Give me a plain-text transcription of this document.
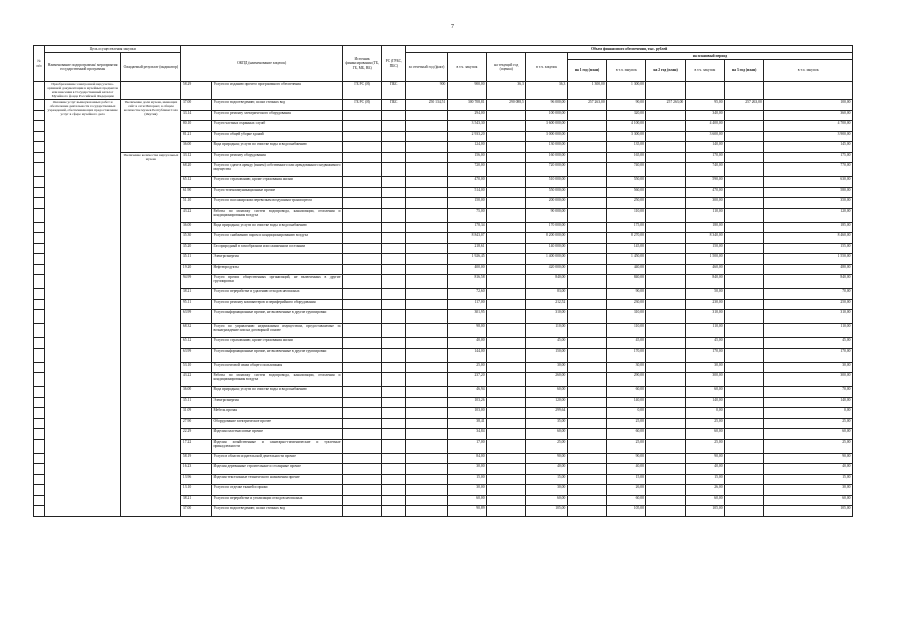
7
№ п/п	Цель осуществления закупки		ОКПД (наименование закупок)		Источник финансирования (ГБ, ГБ, МБ, ВБ)	РС (ГРБС, ПБС)	Объем финансового обеспечения, тыс. рублей									
	Наименование подпрограммы/ мероприятия государственной программы	Ожидаемый результат (индикатор)					за отчетный год (факт)	в т.ч. закупок	на текущий год (оценка)	в т.ч. закупок	на плановый период					
											на 1 год (план)	в т.ч. закупок	на 2 год (план)	в т.ч. закупок	на 3 год (план)	в т.ч. закупок
	Преобразование электронной вид учетно-архивной документации в музейных предметов или внесения в Государственный каталог Музейного фонда Российской Федерации		58.29	Услуги по изданию прочего программного обеспечения	ГБ РС (Я)	ПБС	900	900,00	36,3	36,3	1 300,00	1 300,00				
	Оказание услуг вышеуказанных работ и обеспечение деятельности государственных учреждений, обеспечивающих предоставление услуг в сфере музейного дела	Увеличение доли музеев, имеющих сайт в сети Интернет, в общем количестве музеев Республики Саха (Якутия)	37.00	Услуги по водоотведению; шлам сточных вод	ГБ РС (Я)	ПБС	250 134,51	300 708,81	290 088,5	96 000,00	257 263,00	90,00	257 263,00	95,00	257 263,00	100,00
			33.14	Услуги по ремонту электрического оборудования				294,00		100 000,00		320,00		340,00		360,00
			80.10	Услуги частных охранных служб				3 543,30		3 600 000,00		4 100,00		4 400,00		4 700,00
			81.21	Услуги по общей уборке зданий				2 933,20		3 000 000,00		3 300,00		3 600,00		3 900,00
			36.00	Вода природная; услуги по очистке воды и водоснабжению				124,00		130 000,00		135,00		140,00		145,00
		Увеличение количества виртуальных музеев	33.12	Услуги по ремонту оборудования				156,00		160 000,00		165,00		170,00		175,00
			68.20	Услуги по сдаче в аренду (внаем) собственного или арендованного недвижимого имущества				720,00		720 000,00		740,00		740,00		770,00
			65.12	Услуги по страхованию, кроме страхования жизни				470,00		510 000,00		550,00		590,00		630,00
			61.90	Услуги телекоммуникационные прочие				514,00		550 000,00		560,00		470,00		580,00
			51.10	Услуги по пассажирским перевозкам воздушным транспортом				150,00		200 000,00		250,00		300,00		350,00
			43.22	Работы по монтажу систем водопровода, канализации, отопления и кондиционирования воздуха				75,00		90 000,00		110,00		110,00		120,00
			36.00	Вода природная; услуги по очистке воды и водоснабжению				178,34		170 000,00		175,00		180,00		185,00
			35.30	Услуги по снабжению паром и кондиционированию воздуха				8 843,07		8 200 000,00		8 270,00		8 340,00		8 460,00
			35.20	Газ природный в газообразном или сжиженном состоянии				218,61		140 000,00		145,00		150,00		155,00
			35.11	Электроэнергия				1 926,45		1 400 000,00		1 450,00		1 500,00		1 550,00
			19.20	Нефтепродукты				400,00		420 000,00		440,00		460,00		480,00
			94.99	Услуги прочих общественных организаций, не включенных в другие группировки				816,58		840,00		840,00		840,00		840,00
			38.21	Услуги по переработке и удалению отходов неопасных				72,60		83,00		90,00		50,00		70,00
			95.11	Услуги по ремонту компьютеров и периферийного оборудования				117,00		212,52		230,00		230,00		250,00
			63.99	Услуги информационные прочие, не включенные в другие группировки				301,95		310,00		310,00		310,00		310,00
			68.32	Услуги по управлению недвижимым имуществом, предоставляемые за вознаграждение или на договорной основе				98,00		110,00		110,00		110,00		110,00
			65.12	Услуги по страхованию, кроме страхования жизни				40,00		45,00		45,00		45,00		45,00
			63.99	Услуги информационные прочие, не включенные в другие группировки				144,00		150,00		170,00		170,00		170,00
			53.10	Услуги почтовой связи общего пользования				25,00		30,00		30,00		30,00		30,00
			43.22	Работы по монтажу систем водопровода, канализации, отопления и кондиционирования воздуха				237,20		260,00		290,00		300,00		300,00
			36.00	Вода природная; услуги по очистке воды и водоснабжению				46,94		60,00		60,00		60,00		70,00
			35.11	Электроэнергия				103,26		120,00		140,00		140,00		140,00
			31.09	Мебель прочая				103,00		299,64		0,00		0,00		0,00
			27.90	Оборудование электрическое прочее				38,41		35,00		25,00		25,00		25,00
			22.29	Изделия пластмассовые прочие				34,84		60,00		60,00		60,00		60,00
			17.22	Изделия хозяйственные и санитарно-гигиенические и туалетные принадлежности				17,00		25,00		25,00		25,00		25,00
			58.19	Услуги в области издательской деятельности прочие				84,00		90,00		90,00		90,00		90,00
			16.23	Изделия деревянные строительные и столярные прочие				30,00		40,00		40,00		40,00		40,00
			13.96	Изделия текстильные технического назначения прочие				15,00		15,00		15,00		15,00		15,00
			13.10	Услуги по отделке тканей и пряжи				30,00		30,00		26,00		26,00		30,00
			38.21	Услуги по переработке и утилизации отходов неопасных				60,00		60,00		60,00		60,00		60,00
			37.00	Услуги по водоотведению; шлам сточных вод				90,89		105,00		105,00		105,00		105,00
